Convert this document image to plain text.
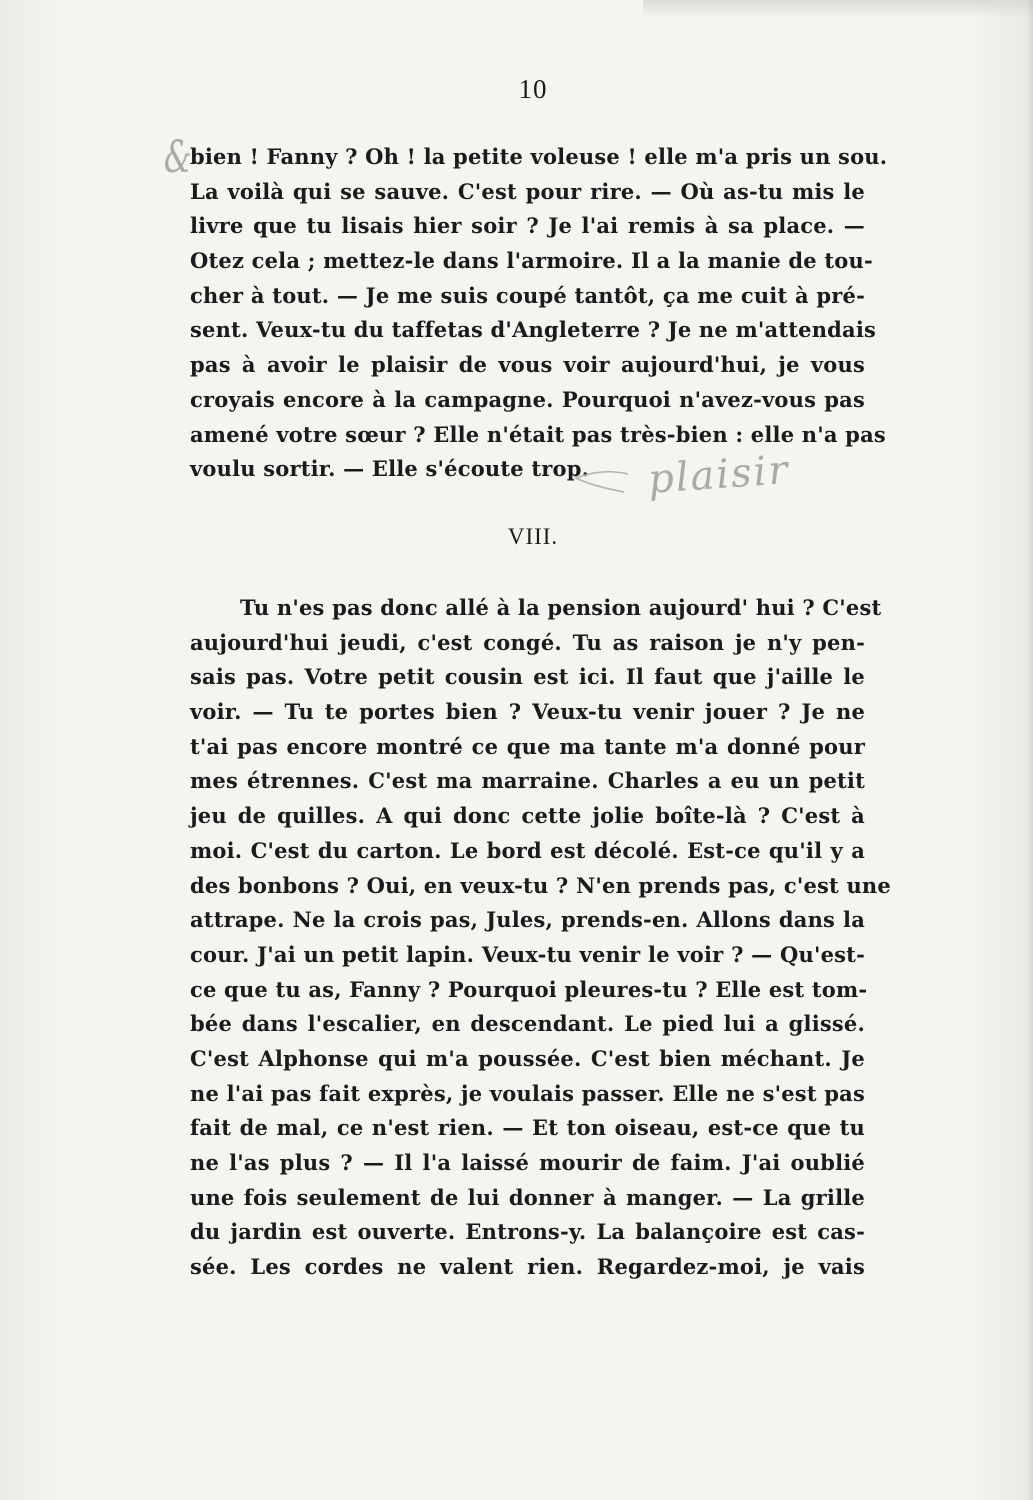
10
&
bien ! Fanny ? Oh ! la petite voleuse ! elle m'a pris un sou.
La voilà qui se sauve. C'est pour rire. — Où as-tu mis le
livre que tu lisais hier soir ? Je l'ai remis à sa place. —
Otez cela ; mettez-le dans l'armoire. Il a la manie de tou-
cher à tout. — Je me suis coupé tantôt, ça me cuit à pré-
sent. Veux-tu du taffetas d'Angleterre ? Je ne m'attendais
pas à avoir le plaisir de vous voir aujourd'hui, je vous
croyais encore à la campagne. Pourquoi n'avez-vous pas
amené votre sœur ? Elle n'était pas très-bien : elle n'a pas
voulu sortir. — Elle s'écoute trop.	plaisir
VIII.
Tu n'es pas donc allé à la pension aujourd' hui ? C'est
aujourd'hui jeudi, c'est congé. Tu as raison je n'y pen-
sais pas. Votre petit cousin est ici. Il faut que j'aille le
voir. — Tu te portes bien ? Veux-tu venir jouer ? Je ne
t'ai pas encore montré ce que ma tante m'a donné pour
mes étrennes. C'est ma marraine. Charles a eu un petit
jeu de quilles. A qui donc cette jolie boîte-là ? C'est à
moi. C'est du carton. Le bord est décolé. Est-ce qu'il y a
des bonbons ? Oui, en veux-tu ? N'en prends pas, c'est une
attrape. Ne la crois pas, Jules, prends-en. Allons dans la
cour. J'ai un petit lapin. Veux-tu venir le voir ? — Qu'est-
ce que tu as, Fanny ? Pourquoi pleures-tu ? Elle est tom-
bée dans l'escalier, en descendant. Le pied lui a glissé.
C'est Alphonse qui m'a poussée. C'est bien méchant. Je
ne l'ai pas fait exprès, je voulais passer. Elle ne s'est pas
fait de mal, ce n'est rien. — Et ton oiseau, est-ce que tu
ne l'as plus ? — Il l'a laissé mourir de faim. J'ai oublié
une fois seulement de lui donner à manger. — La grille
du jardin est ouverte. Entrons-y. La balançoire est cas-
sée. Les cordes ne valent rien. Regardez-moi, je vais
